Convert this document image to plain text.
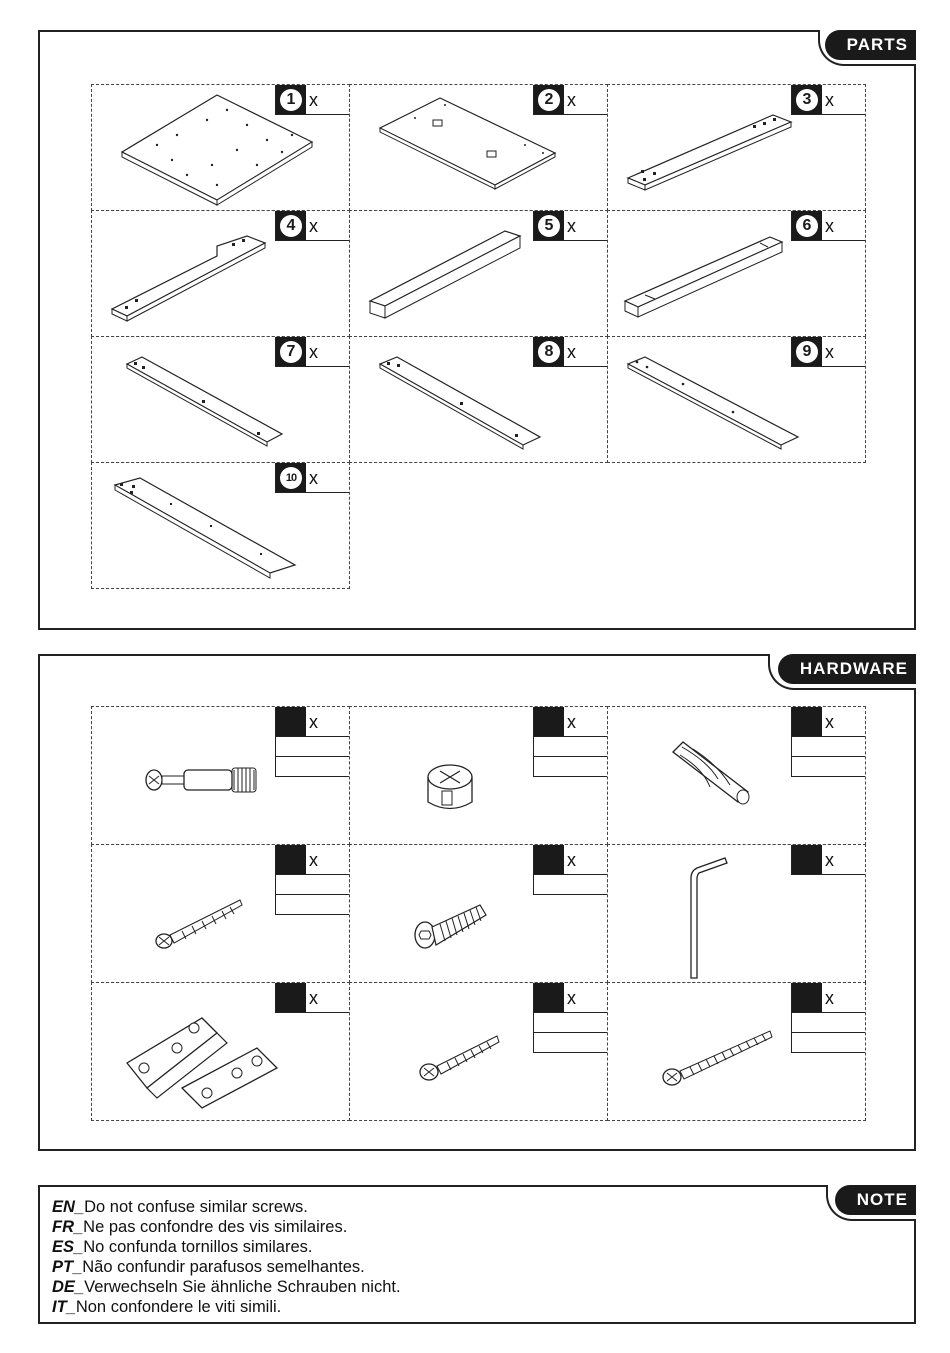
PARTS
1 x	2 x	3 x
4 x	5 x	6 x
7 x	8 x	9 x
10 x
HARDWARE
x	x	x
x	x	x
x	x	x
NOTE
EN_Do not confuse similar screws.
FR_Ne pas confondre des vis similaires.
ES_No confunda tornillos similares.
PT_Não confundir parafusos semelhantes.
DE_Verwechseln Sie ähnliche Schrauben nicht.
IT_Non confondere le viti simili.
